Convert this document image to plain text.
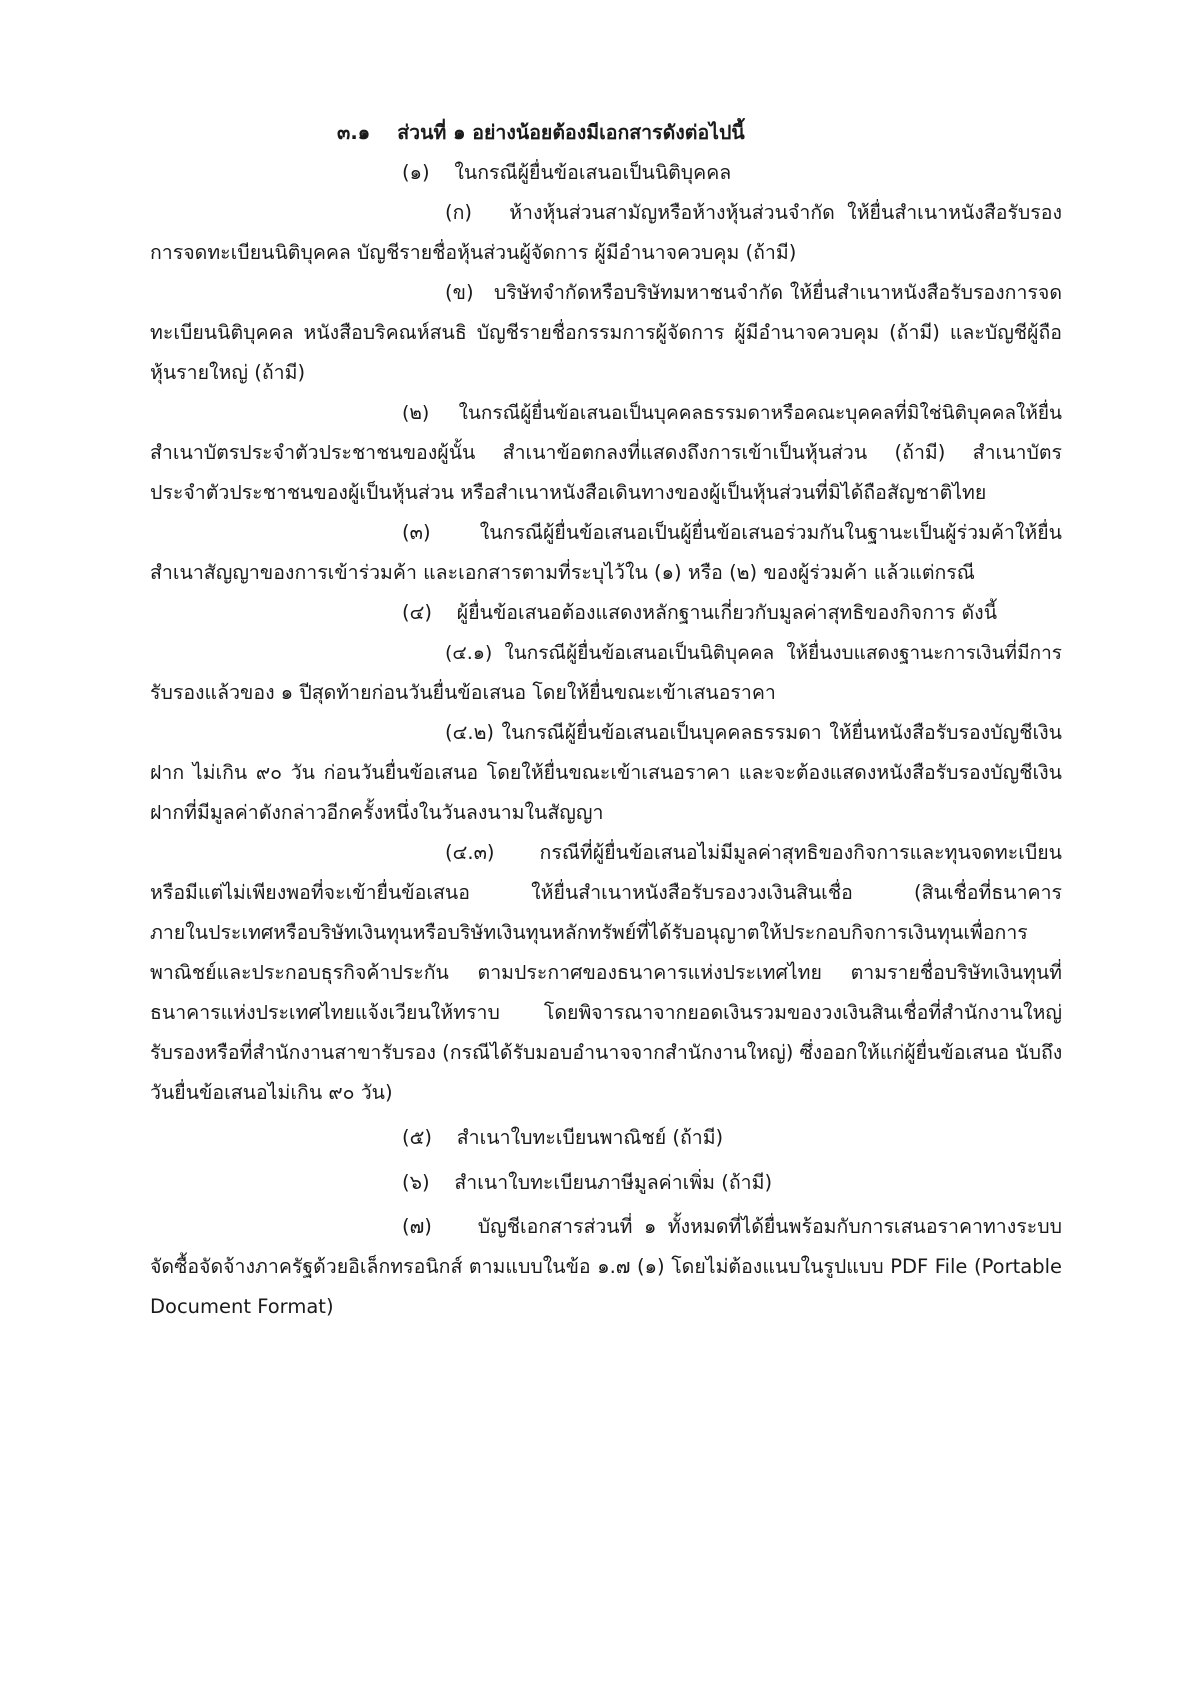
๓.๑    ส่วนที่ ๑ อย่างน้อยต้องมีเอกสารดังต่อไปนี้
(๑)    ในกรณีผู้ยื่นข้อเสนอเป็นนิติบุคคล
(ก)   ห้างหุ้นส่วนสามัญหรือห้างหุ้นส่วนจำกัด ให้ยื่นสำเนาหนังสือรับรอง
การจดทะเบียนนิติบุคคล บัญชีรายชื่อหุ้นส่วนผู้จัดการ ผู้มีอำนาจควบคุม (ถ้ามี)
(ข)   บริษัทจำกัดหรือบริษัทมหาชนจำกัด ให้ยื่นสำเนาหนังสือรับรองการจด
ทะเบียนนิติบุคคล หนังสือบริคณห์สนธิ บัญชีรายชื่อกรรมการผู้จัดการ ผู้มีอำนาจควบคุม (ถ้ามี) และบัญชีผู้ถือ
หุ้นรายใหญ่ (ถ้ามี)
(๒)    ในกรณีผู้ยื่นข้อเสนอเป็นบุคคลธรรมดาหรือคณะบุคคลที่มิใช่นิติบุคคลให้ยื่น
สำเนาบัตรประจำตัวประชาชนของผู้นั้น สำเนาข้อตกลงที่แสดงถึงการเข้าเป็นหุ้นส่วน (ถ้ามี) สำเนาบัตร
ประจำตัวประชาชนของผู้เป็นหุ้นส่วน หรือสำเนาหนังสือเดินทางของผู้เป็นหุ้นส่วนที่มิได้ถือสัญชาติไทย
(๓)    ในกรณีผู้ยื่นข้อเสนอเป็นผู้ยื่นข้อเสนอร่วมกันในฐานะเป็นผู้ร่วมค้าให้ยื่น
สำเนาสัญญาของการเข้าร่วมค้า และเอกสารตามที่ระบุไว้ใน (๑) หรือ (๒) ของผู้ร่วมค้า แล้วแต่กรณี
(๔)    ผู้ยื่นข้อเสนอต้องแสดงหลักฐานเกี่ยวกับมูลค่าสุทธิของกิจการ ดังนี้
(๔.๑) ในกรณีผู้ยื่นข้อเสนอเป็นนิติบุคคล ให้ยื่นงบแสดงฐานะการเงินที่มีการ
รับรองแล้วของ ๑ ปีสุดท้ายก่อนวันยื่นข้อเสนอ โดยให้ยื่นขณะเข้าเสนอราคา
(๔.๒) ในกรณีผู้ยื่นข้อเสนอเป็นบุคคลธรรมดา ให้ยื่นหนังสือรับรองบัญชีเงิน
ฝาก ไม่เกิน ๙๐ วัน ก่อนวันยื่นข้อเสนอ โดยให้ยื่นขณะเข้าเสนอราคา และจะต้องแสดงหนังสือรับรองบัญชีเงิน
ฝากที่มีมูลค่าดังกล่าวอีกครั้งหนึ่งในวันลงนามในสัญญา
(๔.๓) กรณีที่ผู้ยื่นข้อเสนอไม่มีมูลค่าสุทธิของกิจการและทุนจดทะเบียน
หรือมีแต่ไม่เพียงพอที่จะเข้ายื่นข้อเสนอ ให้ยื่นสำเนาหนังสือรับรองวงเงินสินเชื่อ (สินเชื่อที่ธนาคาร
ภายในประเทศหรือบริษัทเงินทุนหรือบริษัทเงินทุนหลักทรัพย์ที่ได้รับอนุญาตให้ประกอบกิจการเงินทุนเพื่อการ
พาณิชย์และประกอบธุรกิจค้าประกัน ตามประกาศของธนาคารแห่งประเทศไทย ตามรายชื่อบริษัทเงินทุนที่
ธนาคารแห่งประเทศไทยแจ้งเวียนให้ทราบ โดยพิจารณาจากยอดเงินรวมของวงเงินสินเชื่อที่สำนักงานใหญ่
รับรองหรือที่สำนักงานสาขารับรอง (กรณีได้รับมอบอำนาจจากสำนักงานใหญ่) ซึ่งออกให้แก่ผู้ยื่นข้อเสนอ นับถึง
วันยื่นข้อเสนอไม่เกิน ๙๐ วัน)
(๕)    สำเนาใบทะเบียนพาณิชย์ (ถ้ามี)
(๖)    สำเนาใบทะเบียนภาษีมูลค่าเพิ่ม (ถ้ามี)
(๗)    บัญชีเอกสารส่วนที่ ๑ ทั้งหมดที่ได้ยื่นพร้อมกับการเสนอราคาทางระบบ
จัดซื้อจัดจ้างภาครัฐด้วยอิเล็กทรอนิกส์ ตามแบบในข้อ ๑.๗ (๑) โดยไม่ต้องแนบในรูปแบบ PDF File (Portable
Document Format)
